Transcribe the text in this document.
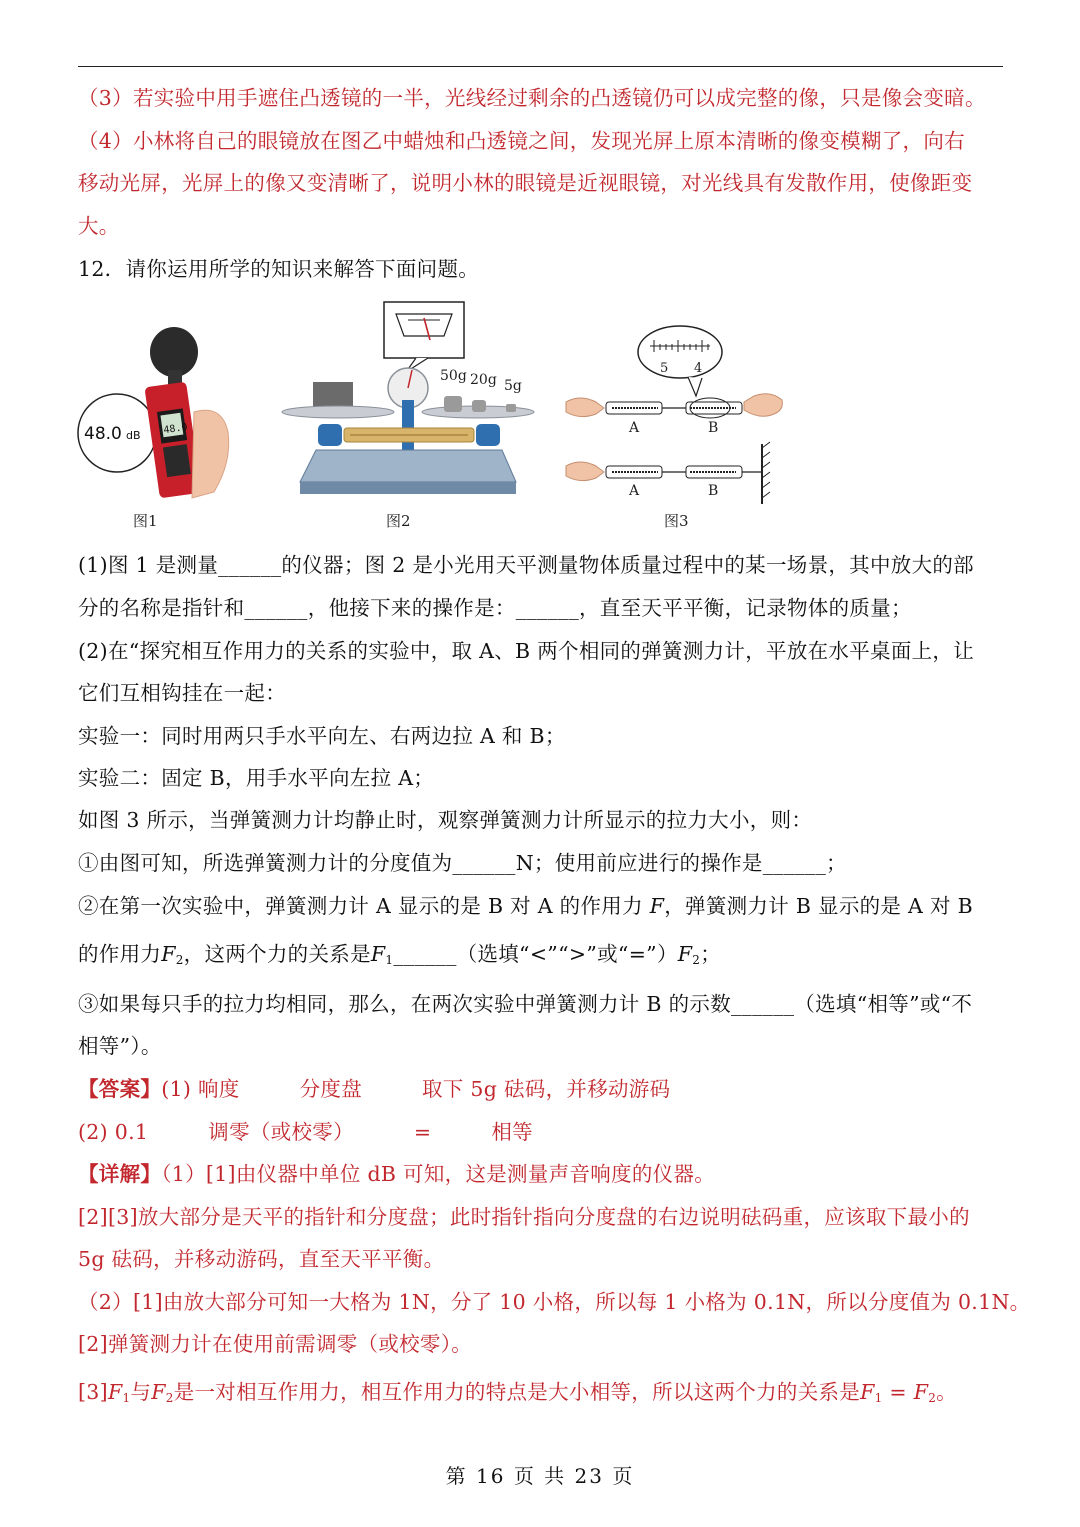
（3）若实验中用手遮住凸透镜的一半，光线经过剩余的凸透镜仍可以成完整的像，只是像会变暗。
（4）小林将自己的眼镜放在图乙中蜡烛和凸透镜之间，发现光屏上原本清晰的像变模糊了，向右
移动光屏，光屏上的像又变清晰了，说明小林的眼镜是近视眼镜，对光线具有发散作用，使像距变
大。
12．请你运用所学的知识来解答下面问题。
48.0 dB 48.0
图1
50g 20g 5g
图2
5 4
A	B
A	B
图3
(1)图 1 是测量______的仪器；图 2 是小光用天平测量物体质量过程中的某一场景，其中放大的部
分的名称是指针和______，他接下来的操作是：______，直至天平平衡，记录物体的质量；
(2)在“探究相互作用力的关系的实验中，取 A、B 两个相同的弹簧测力计，平放在水平桌面上，让
它们互相钩挂在一起：
实验一：同时用两只手水平向左、右两边拉 A 和 B；
实验二：固定 B，用手水平向左拉 A；
如图 3 所示，当弹簧测力计均静止时，观察弹簧测力计所显示的拉力大小，则：
①由图可知，所选弹簧测力计的分度值为______N；使用前应进行的操作是______；
②在第一次实验中，弹簧测力计 A 显示的是 B 对 A 的作用力 F，弹簧测力计 B 显示的是 A 对 B
的作用力$F_2$，这两个力的关系是$F_1\_\_\_\_\_\_$（选填“<”“>”或“$=”)F_2$；
③如果每只手的拉力均相同，那么，在两次实验中弹簧测力计 B 的示数______（选填“相等”或“不
相等”）。
【答案】(1) 响度	分度盘	取下 5g 砝码，并移动游码
(2) 0.1	调零（或校零）	=	相等
【详解】（1）[1]由仪器中单位 dB 可知，这是测量声音响度的仪器。
[2][3]放大部分是天平的指针和分度盘；此时指针指向分度盘的右边说明砝码重，应该取下最小的
5g 砝码，并移动游码，直至天平平衡。
（2）[1]由放大部分可知一大格为 1N，分了 10 小格，所以每 1 小格为 0.1N，所以分度值为 0.1N。
[2]弹簧测力计在使用前需调零（或校零）。
$[3]F_1$与$F_2$是一对相互作用力，相互作用力的特点是大小相等，所以这两个力的关系是$F_1 = F_2$。
第 16 页 共 23 页
